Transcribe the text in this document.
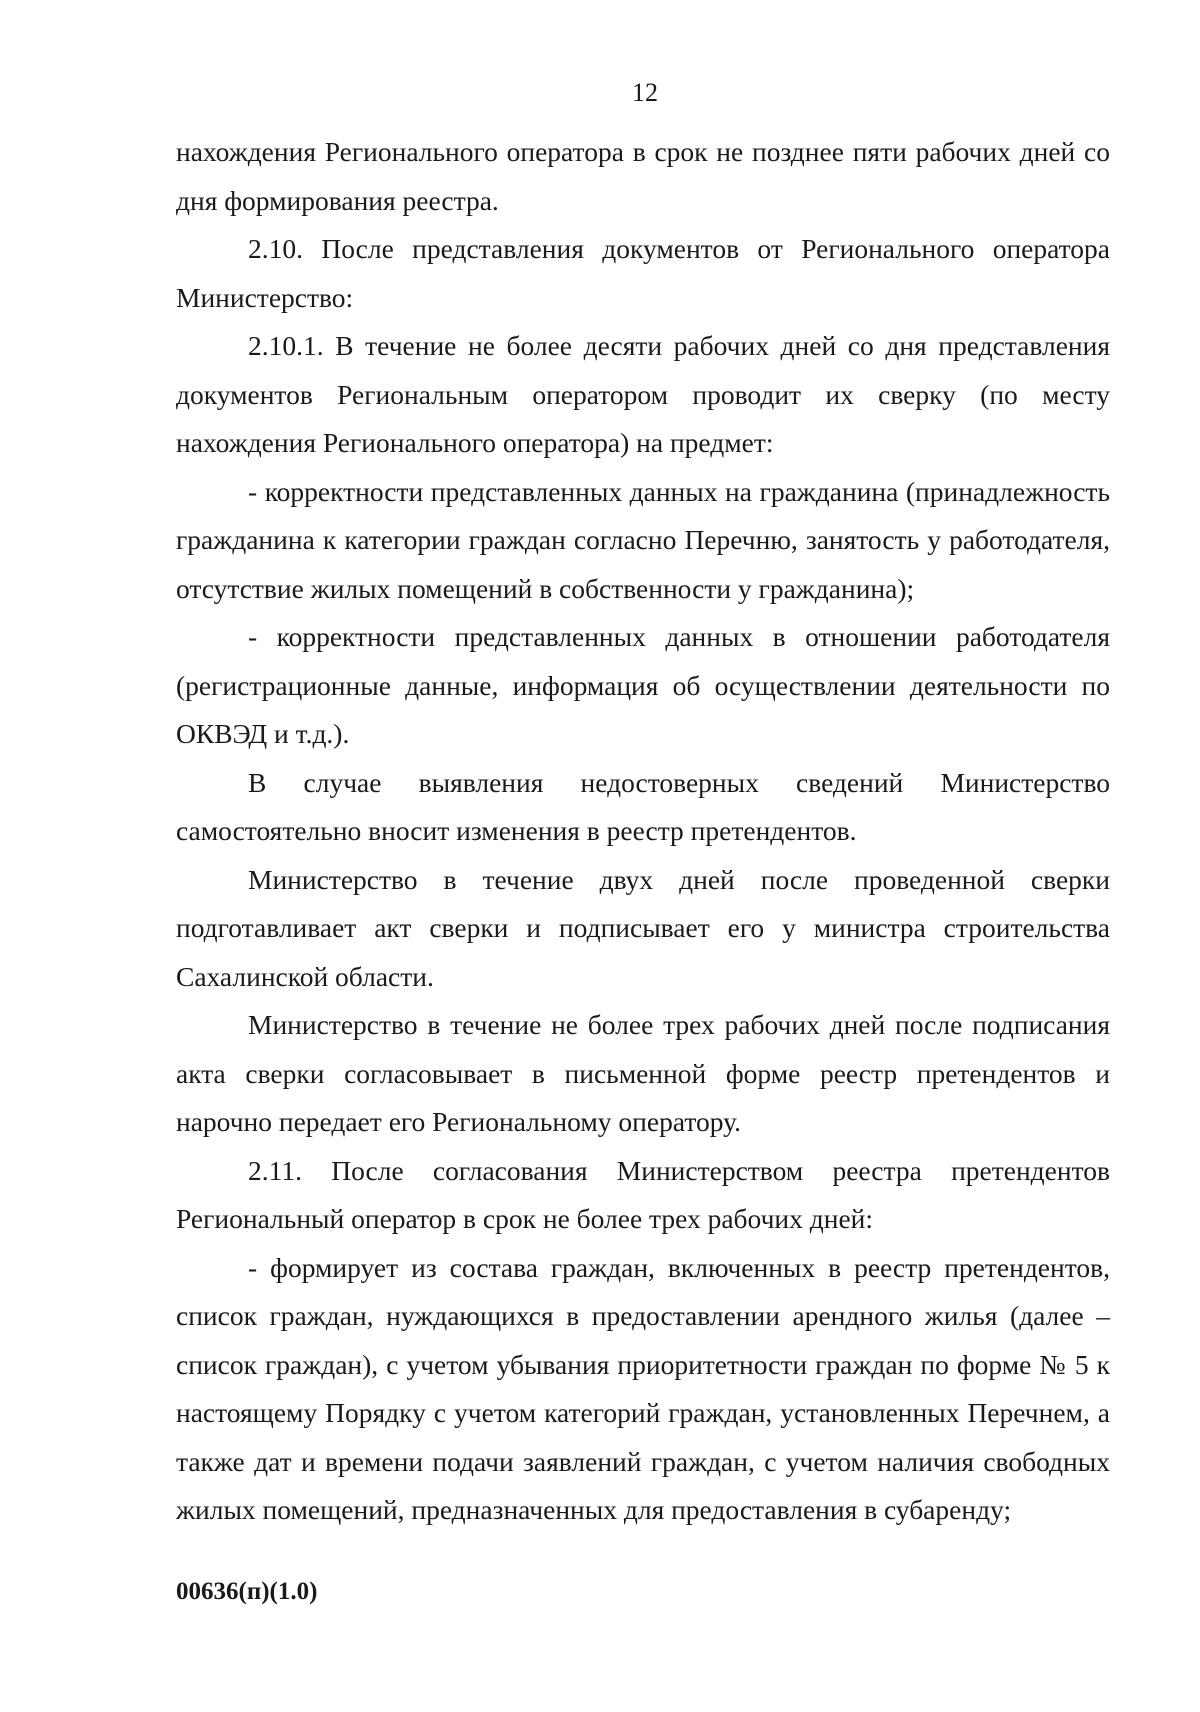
12

нахождения Регионального оператора в срок не позднее пяти рабочих дней со дня формирования реестра.

2.10. После представления документов от Регионального оператора Министерство:

2.10.1. В течение не более десяти рабочих дней со дня представления документов Региональным оператором проводит их сверку (по месту нахождения Регионального оператора) на предмет:

- корректности представленных данных на гражданина (принадлежность гражданина к категории граждан согласно Перечню, занятость у работодателя, отсутствие жилых помещений в собственности у гражданина);

- корректности представленных данных в отношении работодателя (регистрационные данные, информация об осуществлении деятельности по ОКВЭД и т.д.).

В случае выявления недостоверных сведений Министерство самостоятельно вносит изменения в реестр претендентов.

Министерство в течение двух дней после проведенной сверки подготавливает акт сверки и подписывает его у министра строительства Сахалинской области.

Министерство в течение не более трех рабочих дней после подписания акта сверки согласовывает в письменной форме реестр претендентов и нарочно передает его Региональному оператору.

2.11. После согласования Министерством реестра претендентов Региональный оператор в срок не более трех рабочих дней:

- формирует из состава граждан, включенных в реестр претендентов, список граждан, нуждающихся в предоставлении арендного жилья (далее – список граждан), с учетом убывания приоритетности граждан по форме № 5 к настоящему Порядку с учетом категорий граждан, установленных Перечнем, а также дат и времени подачи заявлений граждан, с учетом наличия свободных жилых помещений, предназначенных для предоставления в субаренду;

00636(п)(1.0)
